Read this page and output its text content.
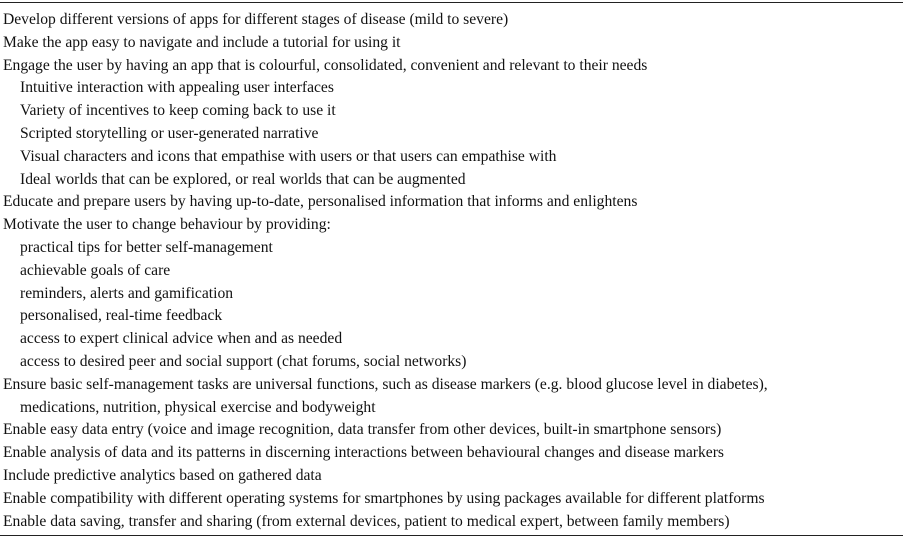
Develop different versions of apps for different stages of disease (mild to severe)
Make the app easy to navigate and include a tutorial for using it
Engage the user by having an app that is colourful, consolidated, convenient and relevant to their needs
Intuitive interaction with appealing user interfaces
Variety of incentives to keep coming back to use it
Scripted storytelling or user-generated narrative
Visual characters and icons that empathise with users or that users can empathise with
Ideal worlds that can be explored, or real worlds that can be augmented
Educate and prepare users by having up-to-date, personalised information that informs and enlightens
Motivate the user to change behaviour by providing:
practical tips for better self-management
achievable goals of care
reminders, alerts and gamification
personalised, real-time feedback
access to expert clinical advice when and as needed
access to desired peer and social support (chat forums, social networks)
Ensure basic self-management tasks are universal functions, such as disease markers (e.g. blood glucose level in diabetes),
medications, nutrition, physical exercise and bodyweight
Enable easy data entry (voice and image recognition, data transfer from other devices, built-in smartphone sensors)
Enable analysis of data and its patterns in discerning interactions between behavioural changes and disease markers
Include predictive analytics based on gathered data
Enable compatibility with different operating systems for smartphones by using packages available for different platforms
Enable data saving, transfer and sharing (from external devices, patient to medical expert, between family members)
